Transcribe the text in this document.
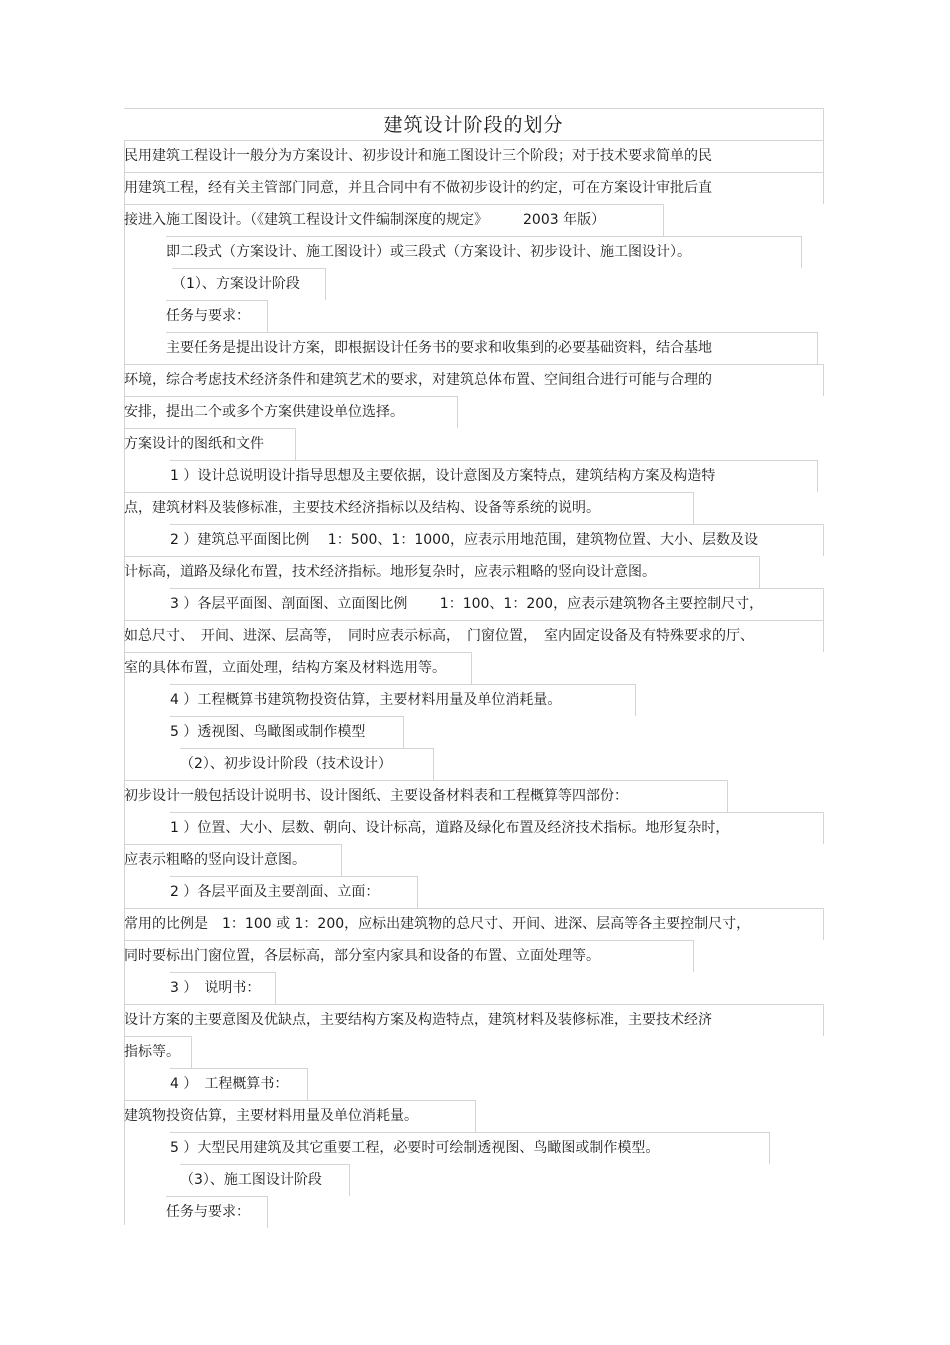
建筑设计阶段的划分
民用建筑工程设计一般分为方案设计、初步设计和施工图设计三个阶段；对于技术要求简单的民
用建筑工程，经有关主管部门同意，并且合同中有不做初步设计的约定，可在方案设计审批后直
接进入施工图设计。（《建筑工程设计文件编制深度的规定》　　　2003 年版）
即二段式（方案设计、施工图设计）或三段式（方案设计、初步设计、施工图设计）。
（1）、方案设计阶段
任务与要求：
主要任务是提出设计方案，即根据设计任务书的要求和收集到的必要基础资料，结合基地
环境，综合考虑技术经济条件和建筑艺术的要求，对建筑总体布置、空间组合进行可能与合理的
安排，提出二个或多个方案供建设单位选择。
方案设计的图纸和文件
1 ）设计总说明设计指导思想及主要依据，设计意图及方案特点，建筑结构方案及构造特
点，建筑材料及装修标准，主要技术经济指标以及结构、设备等系统的说明。
2 ）建筑总平面图比例　 1：500、1：1000，应表示用地范围，建筑物位置、大小、层数及设
计标高，道路及绿化布置，技术经济指标。地形复杂时，应表示粗略的竖向设计意图。
3 ）各层平面图、剖面图、立面图比例　　 1：100、1：200，应表示建筑物各主要控制尺寸，
如总尺寸、　开间、进深、层高等，　同时应表示标高，　门窗位置，　室内固定设备及有特殊要求的厅、
室的具体布置，立面处理，结构方案及材料选用等。
4 ）工程概算书建筑物投资估算，主要材料用量及单位消耗量。
5 ）透视图、鸟瞰图或制作模型
（2）、初步设计阶段（技术设计）
初步设计一般包括设计说明书、设计图纸、主要设备材料表和工程概算等四部份：
1 ）位置、大小、层数、朝向、设计标高，道路及绿化布置及经济技术指标。地形复杂时，
应表示粗略的竖向设计意图。
2 ）各层平面及主要剖面、立面：
常用的比例是　1：100 或 1：200，应标出建筑物的总尺寸、开间、进深、层高等各主要控制尺寸，
同时要标出门窗位置，各层标高，部分室内家具和设备的布置、立面处理等。
3 ）　说明书：
设计方案的主要意图及优缺点，主要结构方案及构造特点，建筑材料及装修标准，主要技术经济
指标等。
4 ）　工程概算书：
建筑物投资估算，主要材料用量及单位消耗量。
5 ）大型民用建筑及其它重要工程，必要时可绘制透视图、鸟瞰图或制作模型。
（3）、施工图设计阶段
任务与要求：
